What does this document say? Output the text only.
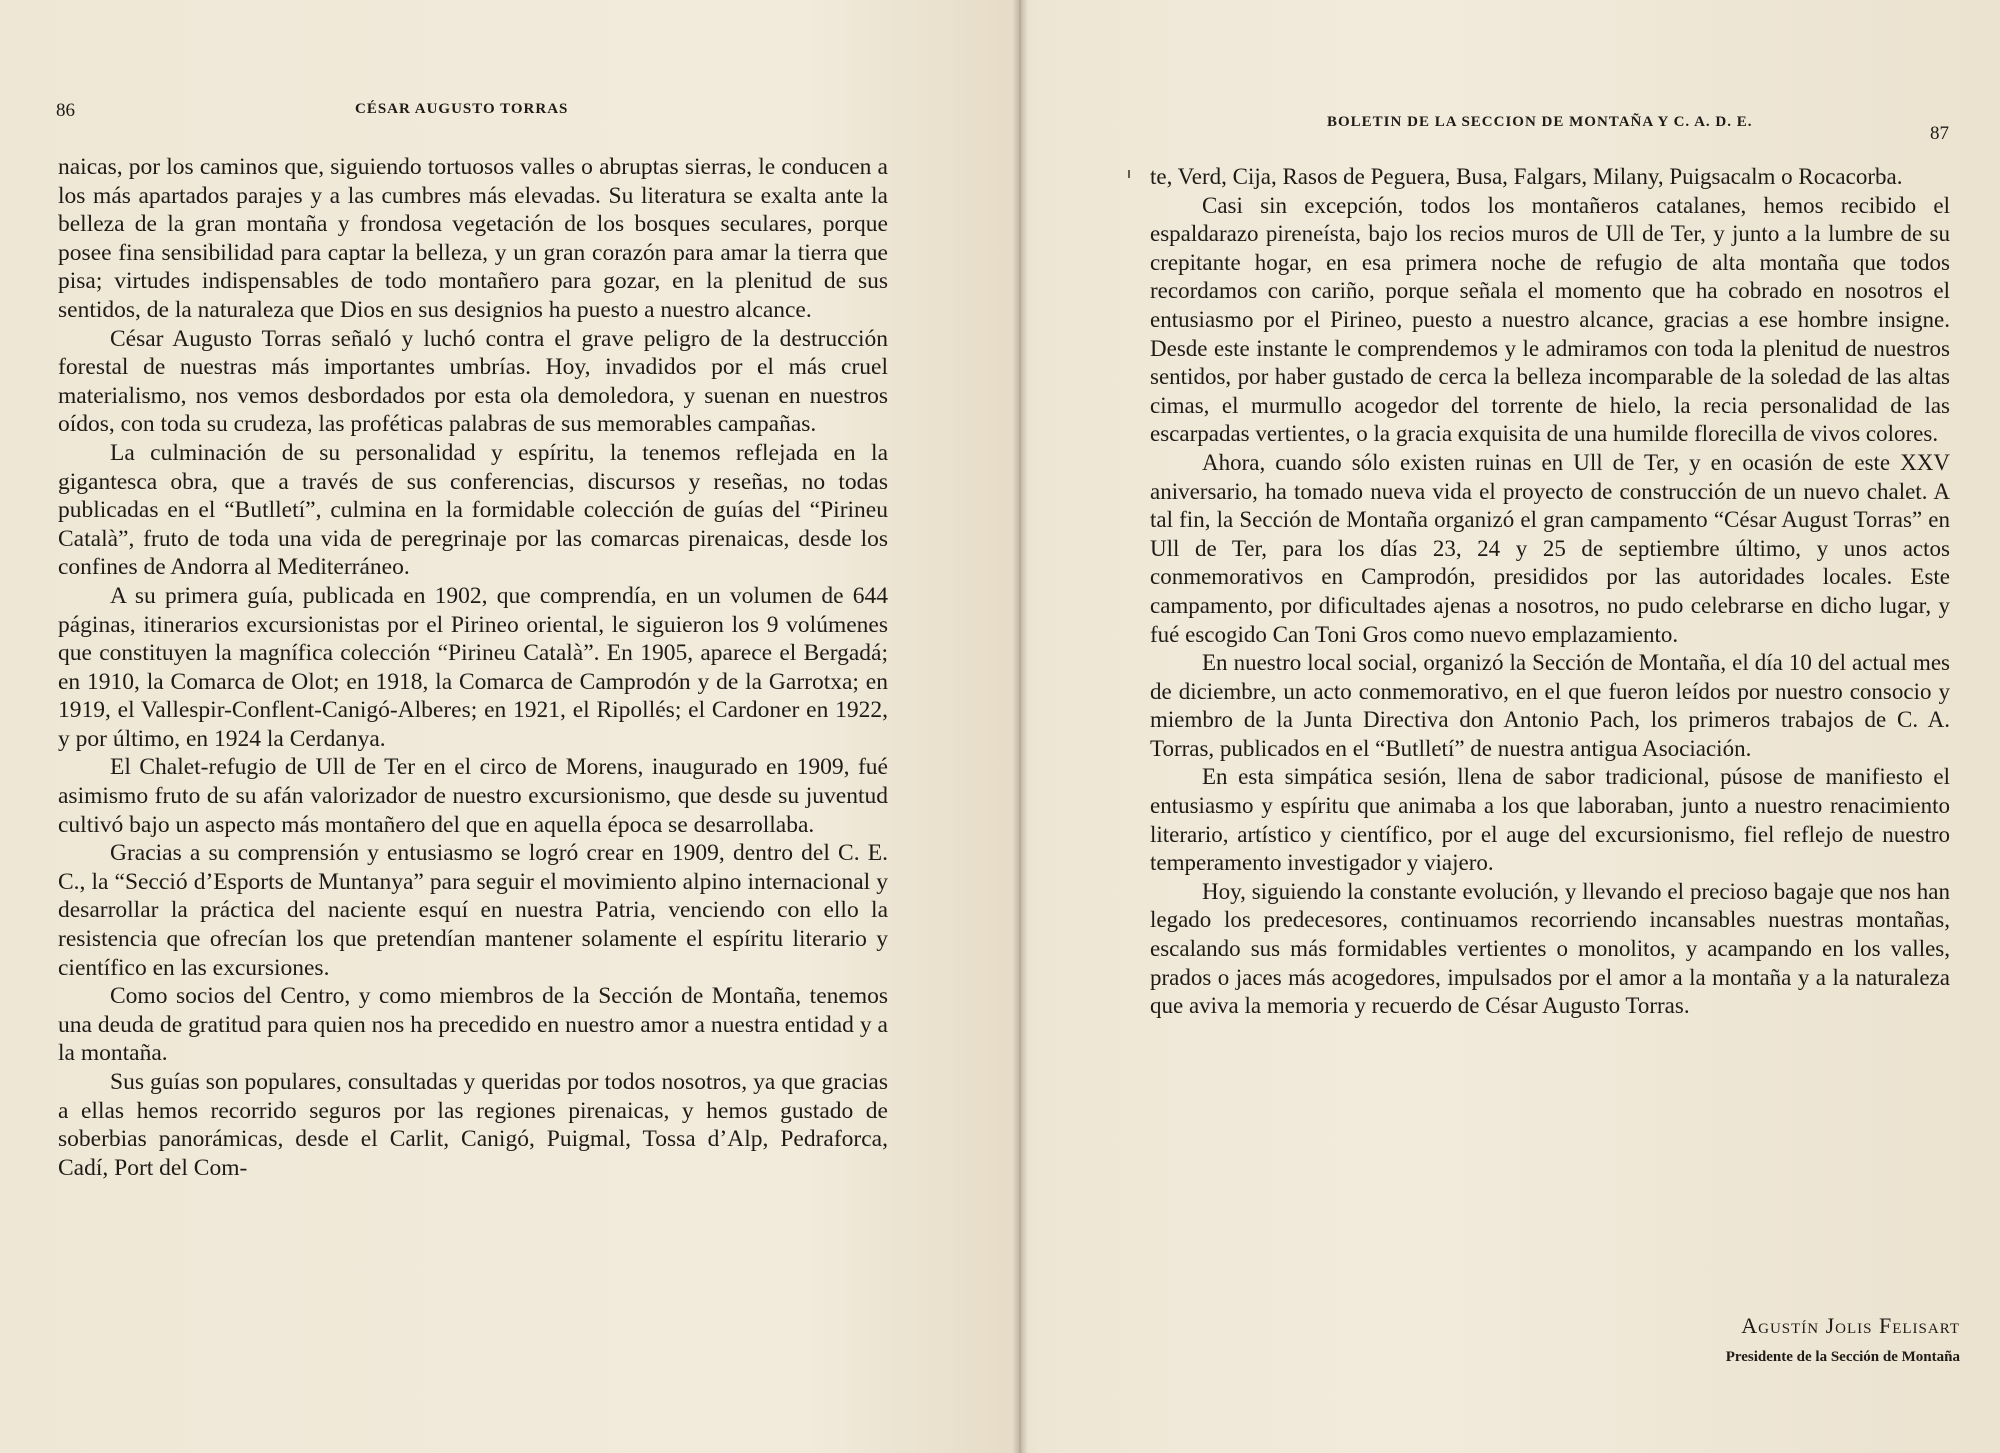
86	CÉSAR AUGUSTO TORRAS

naicas, por los caminos que, siguiendo tortuosos valles o abruptas sierras, le conducen a los más apartados parajes y a las cumbres más elevadas. Su literatura se exalta ante la belleza de la gran montaña y frondosa vegetación de los bosques seculares, porque posee fina sensibilidad para captar la belleza, y un gran corazón para amar la tierra que pisa; virtudes indispensables de todo montañero para gozar, en la plenitud de sus sentidos, de la naturaleza que Dios en sus designios ha puesto a nuestro alcance.

César Augusto Torras señaló y luchó contra el grave peligro de la destrucción forestal de nuestras más importantes umbrías. Hoy, invadidos por el más cruel materialismo, nos vemos desbordados por esta ola demoledora, y suenan en nuestros oídos, con toda su crudeza, las proféticas palabras de sus memorables campañas.

La culminación de su personalidad y espíritu, la tenemos reflejada en la gigantesca obra, que a través de sus conferencias, discursos y reseñas, no todas publicadas en el “Butlletí”, culmina en la formidable colección de guías del “Pirineu Català”, fruto de toda una vida de peregrinaje por las comarcas pirenaicas, desde los confines de Andorra al Mediterráneo.

A su primera guía, publicada en 1902, que comprendía, en un volumen de 644 páginas, itinerarios excursionistas por el Pirineo oriental, le siguieron los 9 volúmenes que constituyen la magnífica colección “Pirineu Català”. En 1905, aparece el Bergadá; en 1910, la Comarca de Olot; en 1918, la Comarca de Camprodón y de la Garrotxa; en 1919, el Vallespir-Conflent-Canigó-Alberes; en 1921, el Ripollés; el Cardoner en 1922, y por último, en 1924 la Cerdanya.

El Chalet-refugio de Ull de Ter en el circo de Morens, inaugurado en 1909, fué asimismo fruto de su afán valorizador de nuestro excursionismo, que desde su juventud cultivó bajo un aspecto más montañero del que en aquella época se desarrollaba.

Gracias a su comprensión y entusiasmo se logró crear en 1909, dentro del C. E. C., la “Secció d’Esports de Muntanya” para seguir el movimiento alpino internacional y desarrollar la práctica del naciente esquí en nuestra Patria, venciendo con ello la resistencia que ofrecían los que pretendían mantener solamente el espíritu literario y científico en las excursiones.

Como socios del Centro, y como miembros de la Sección de Montaña, tenemos una deuda de gratitud para quien nos ha precedido en nuestro amor a nuestra entidad y a la montaña.

Sus guías son populares, consultadas y queridas por todos nosotros, ya que gracias a ellas hemos recorrido seguros por las regiones pirenaicas, y hemos gustado de soberbias panorámicas, desde el Carlit, Canigó, Puigmal, Tossa d’Alp, Pedraforca, Cadí, Port del Com-

BOLETIN DE LA SECCION DE MONTAÑA Y C. A. D. E.
87

te, Verd, Cija, Rasos de Peguera, Busa, Falgars, Milany, Puigsacalm o Rocacorba.

Casi sin excepción, todos los montañeros catalanes, hemos recibido el espaldarazo pireneísta, bajo los recios muros de Ull de Ter, y junto a la lumbre de su crepitante hogar, en esa primera noche de refugio de alta montaña que todos recordamos con cariño, porque señala el momento que ha cobrado en nosotros el entusiasmo por el Pirineo, puesto a nuestro alcance, gracias a ese hombre insigne. Desde este instante le comprendemos y le admiramos con toda la plenitud de nuestros sentidos, por haber gustado de cerca la belleza incomparable de la soledad de las altas cimas, el murmullo acogedor del torrente de hielo, la recia personalidad de las escarpadas vertientes, o la gracia exquisita de una humilde florecilla de vivos colores.

Ahora, cuando sólo existen ruinas en Ull de Ter, y en ocasión de este XXV aniversario, ha tomado nueva vida el proyecto de construcción de un nuevo chalet. A tal fin, la Sección de Montaña organizó el gran campamento “César August Torras” en Ull de Ter, para los días 23, 24 y 25 de septiembre último, y unos actos conmemorativos en Camprodón, presididos por las autoridades locales. Este campamento, por dificultades ajenas a nosotros, no pudo celebrarse en dicho lugar, y fué escogido Can Toni Gros como nuevo emplazamiento.

En nuestro local social, organizó la Sección de Montaña, el día 10 del actual mes de diciembre, un acto conmemorativo, en el que fueron leídos por nuestro consocio y miembro de la Junta Directiva don Antonio Pach, los primeros trabajos de C. A. Torras, publicados en el “Butlletí” de nuestra antigua Asociación.

En esta simpática sesión, llena de sabor tradicional, púsose de manifiesto el entusiasmo y espíritu que animaba a los que laboraban, junto a nuestro renacimiento literario, artístico y científico, por el auge del excursionismo, fiel reflejo de nuestro temperamento investigador y viajero.

Hoy, siguiendo la constante evolución, y llevando el precioso bagaje que nos han legado los predecesores, continuamos recorriendo incansables nuestras montañas, escalando sus más formidables vertientes o monolitos, y acampando en los valles, prados o jaces más acogedores, impulsados por el amor a la montaña y a la naturaleza que aviva la memoria y recuerdo de César Augusto Torras.

Agustín Jolis Felisart
Presidente de la Sección de Montaña
